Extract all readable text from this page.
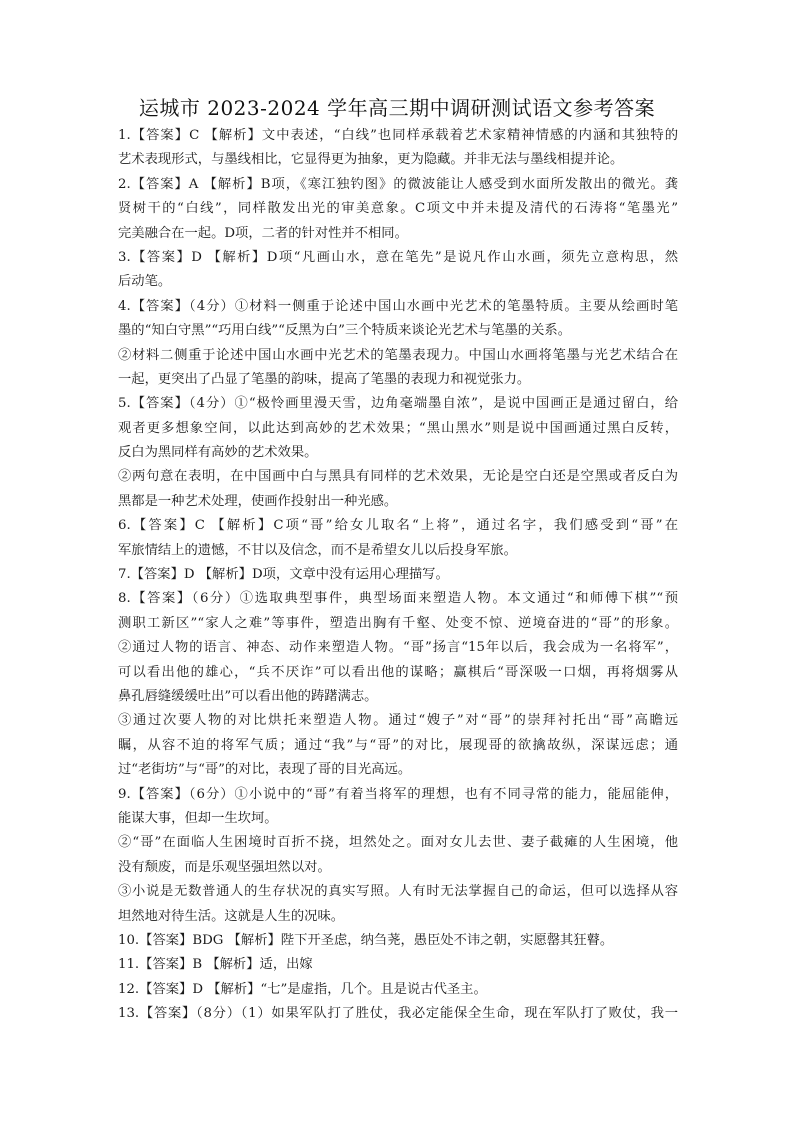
运城市 2023-2024 学年高三期中调研测试语文参考答案
1.【答案】C 【解析】文中表述，“白线”也同样承载着艺术家精神情感的内涵和其独特的
艺术表现形式，与墨线相比，它显得更为抽象，更为隐藏。并非无法与墨线相提并论。
2.【答案】A 【解析】B项，《寒江独钓图》的微波能让人感受到水面所发散出的微光。龚
贤树干的“白线”，同样散发出光的审美意象。C项文中并未提及清代的石涛将“笔墨光”
完美融合在一起。D项，二者的针对性并不相同。
3.【答案】D 【解析】D项“凡画山水，意在笔先”是说凡作山水画，须先立意构思，然
后动笔。
4.【答案】（4分）①材料一侧重于论述中国山水画中光艺术的笔墨特质。主要从绘画时笔
墨的“知白守黑”“巧用白线”“反黑为白”三个特质来谈论光艺术与笔墨的关系。
②材料二侧重于论述中国山水画中光艺术的笔墨表现力。中国山水画将笔墨与光艺术结合在
一起，更突出了凸显了笔墨的韵味，提高了笔墨的表现力和视觉张力。
5.【答案】（4分）①“极怜画里漫天雪，边角毫端墨自浓”，是说中国画正是通过留白，给
观者更多想象空间，以此达到高妙的艺术效果；“黑山黑水”则是说中国画通过黑白反转，
反白为黑同样有高妙的艺术效果。
②两句意在表明，在中国画中白与黑具有同样的艺术效果，无论是空白还是空黑或者反白为
黑都是一种艺术处理，使画作投射出一种光感。
6.【答案】C 【解析】C项“哥”给女儿取名“上将”，通过名字，我们感受到“哥”在
军旅情结上的遗憾，不甘以及信念，而不是希望女儿以后投身军旅。
7.【答案】D 【解析】D项，文章中没有运用心理描写。
8.【答案】（6分）①选取典型事件，典型场面来塑造人物。本文通过“和师傅下棋”“预
测职工新区”“家人之难”等事件，塑造出胸有千壑、处变不惊、逆境奋进的“哥”的形象。
②通过人物的语言、神态、动作来塑造人物。“哥”扬言“15年以后，我会成为一名将军”，
可以看出他的雄心，“兵不厌诈”可以看出他的谋略；赢棋后“哥深吸一口烟，再将烟雾从
鼻孔唇缝缓缓吐出”可以看出他的踌躇满志。
③通过次要人物的对比烘托来塑造人物。通过“嫂子”对“哥”的崇拜衬托出“哥”高瞻远
瞩，从容不迫的将军气质；通过“我”与“哥”的对比，展现哥的欲擒故纵，深谋远虑；通
过“老街坊”与“哥”的对比，表现了哥的目光高远。
9.【答案】（6分）①小说中的“哥”有着当将军的理想，也有不同寻常的能力，能屈能伸，
能谋大事，但却一生坎坷。
②“哥”在面临人生困境时百折不挠，坦然处之。面对女儿去世、妻子截瘫的人生困境，他
没有颓废，而是乐观坚强坦然以对。
③小说是无数普通人的生存状况的真实写照。人有时无法掌握自己的命运，但可以选择从容
坦然地对待生活。这就是人生的况味。
10.【答案】BDG 【解析】陛下开圣虑，纳刍荛，愚臣处不讳之朝，实愿罄其狂瞽。
11.【答案】B 【解析】适，出嫁
12.【答案】D 【解析】“七”是虚指，几个。且是说古代圣主。
13.【答案】（8分）（1）如果军队打了胜仗，我必定能保全生命，现在军队打了败仗，我一
